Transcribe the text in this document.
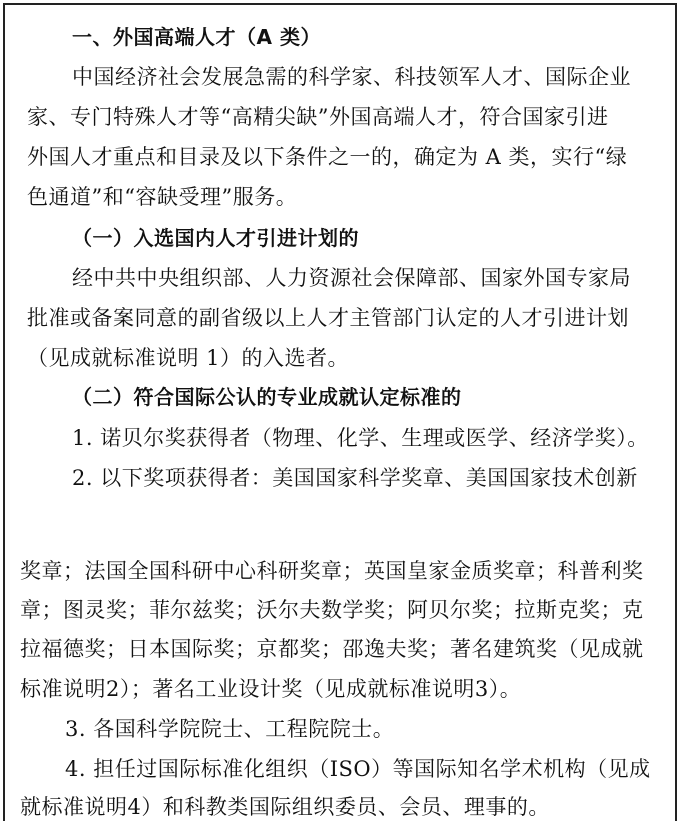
一、外国高端人才（A 类）
中国经济社会发展急需的科学家、科技领军人才、国际企业
家、专门特殊人才等“高精尖缺”外国高端人才，符合国家引进
外国人才重点和目录及以下条件之一的，确定为 A 类，实行“绿
色通道”和“容缺受理”服务。
（一）入选国内人才引进计划的
经中共中央组织部、人力资源社会保障部、国家外国专家局
批准或备案同意的副省级以上人才主管部门认定的人才引进计划
（见成就标准说明 1）的入选者。
（二）符合国际公认的专业成就认定标准的
1. 诺贝尔奖获得者（物理、化学、生理或医学、经济学奖）。
2. 以下奖项获得者：美国国家科学奖章、美国国家技术创新
奖章；法国全国科研中心科研奖章；英国皇家金质奖章；科普利奖
章；图灵奖；菲尔兹奖；沃尔夫数学奖；阿贝尔奖；拉斯克奖；克
拉福德奖；日本国际奖；京都奖；邵逸夫奖；著名建筑奖（见成就
标准说明2）；著名工业设计奖（见成就标准说明3）。
3. 各国科学院院士、工程院院士。
4. 担任过国际标准化组织（ISO）等国际知名学术机构（见成
就标准说明4）和科教类国际组织委员、会员、理事的。
